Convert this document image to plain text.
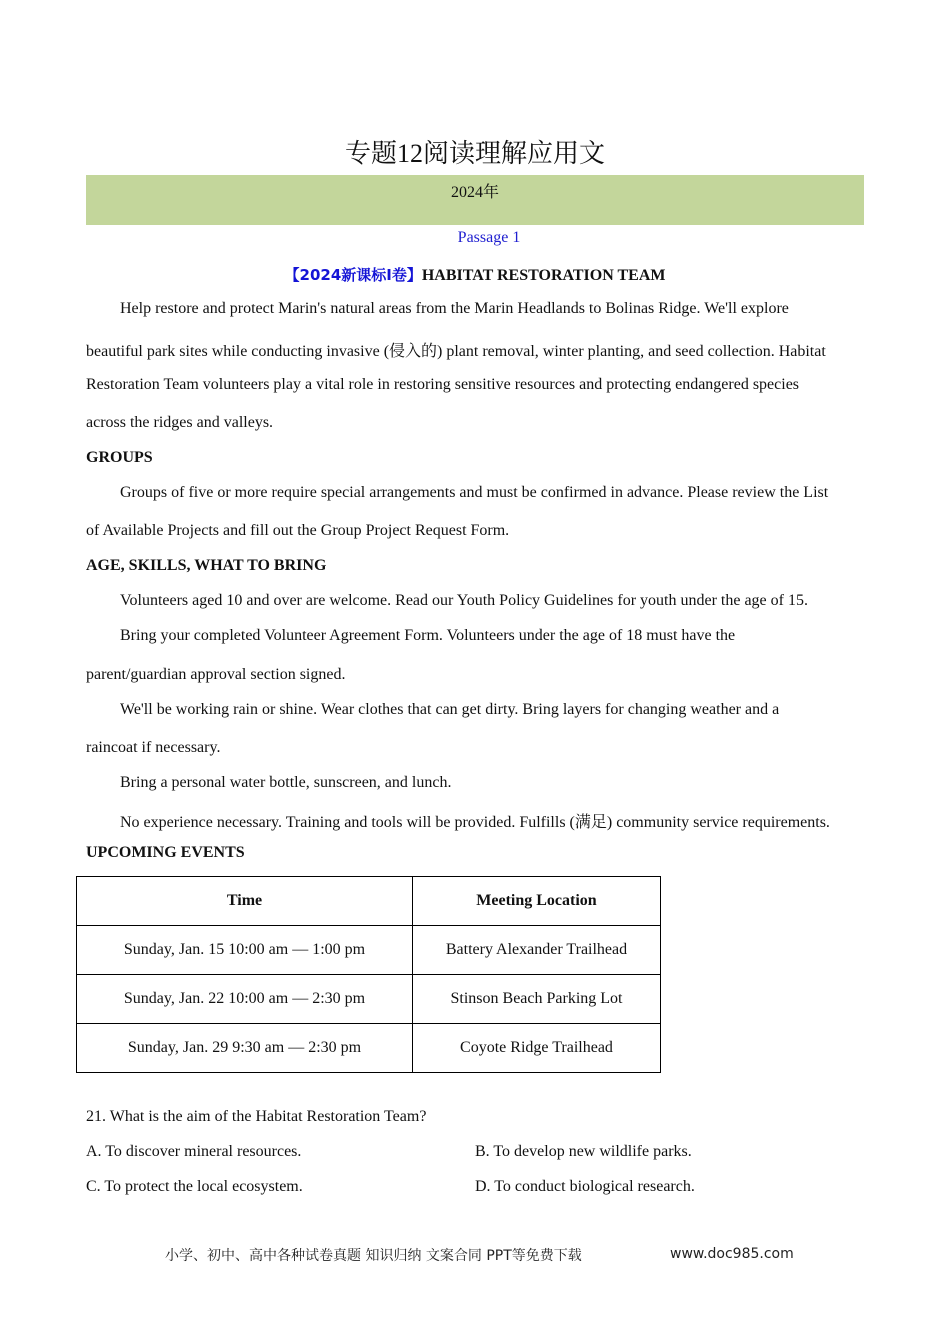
专题12阅读理解应用文
2024年
Passage 1
【2024新课标Ⅰ卷】HABITAT RESTORATION TEAM
Help restore and protect Marin's natural areas from the Marin Headlands to Bolinas Ridge. We'll explore
beautiful park sites while conducting invasive (侵入的) plant removal, winter planting, and seed collection. Habitat
Restoration Team volunteers play a vital role in restoring sensitive resources and protecting endangered species
across the ridges and valleys.
GROUPS
Groups of five or more require special arrangements and must be confirmed in advance. Please review the List
of Available Projects and fill out the Group Project Request Form.
AGE, SKILLS, WHAT TO BRING
Volunteers aged 10 and over are welcome. Read our Youth Policy Guidelines for youth under the age of 15.
Bring your completed Volunteer Agreement Form. Volunteers under the age of 18 must have the
parent/guardian approval section signed.
We'll be working rain or shine. Wear clothes that can get dirty. Bring layers for changing weather and a
raincoat if necessary.
Bring a personal water bottle, sunscreen, and lunch.
No experience necessary. Training and tools will be provided. Fulfills (满足) community service requirements.
UPCOMING EVENTS
Time	Meeting Location
Sunday, Jan. 15 10:00 am — 1:00 pm	Battery Alexander Trailhead
Sunday, Jan. 22 10:00 am — 2:30 pm	Stinson Beach Parking Lot
Sunday, Jan. 29 9:30 am — 2:30 pm	Coyote Ridge Trailhead
21. What is the aim of the Habitat Restoration Team?
A. To discover mineral resources.	B. To develop new wildlife parks.
C. To protect the local ecosystem.	D. To conduct biological research.
小学、初中、高中各种试卷真题 知识归纳 文案合同 PPT等免费下载	www.doc985.com
